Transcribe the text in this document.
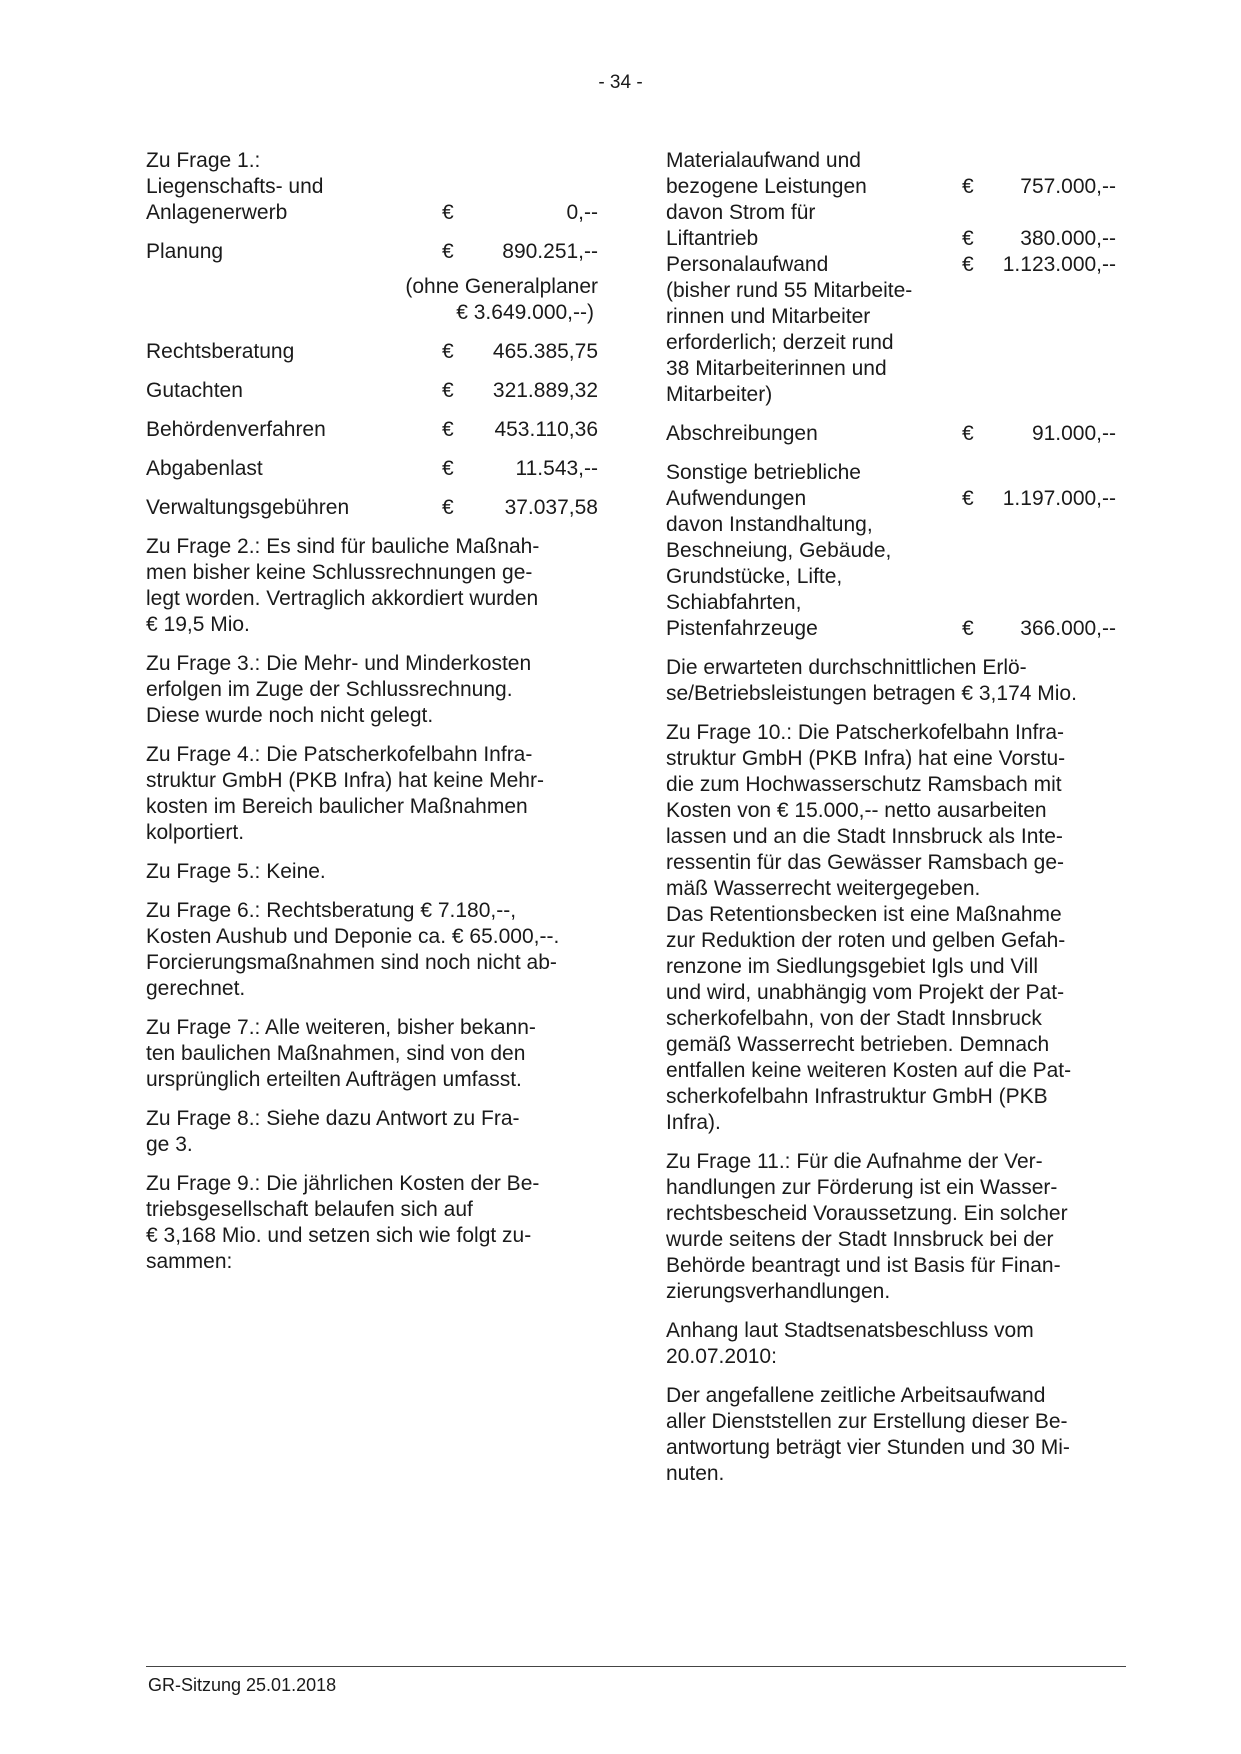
- 34 -

Zu Frage 1.:

Liegenschafts- und
Anlagenerwerb	€	0,--
Planung	€ 890.251,--
(ohne Generalplaner
€ 3.649.000,--)
Rechtsberatung	€ 465.385,75
Gutachten	€ 321.889,32
Behördenverfahren	€ 453.110,36
Abgabenlast	€	11.543,--
Verwaltungsgebühren	€ 37.037,58

Zu Frage 2.: Es sind für bauliche Maßnah-
men bisher keine Schlussrechnungen ge-
legt worden. Vertraglich akkordiert wurden
€ 19,5 Mio.

Zu Frage 3.: Die Mehr- und Minderkosten
erfolgen im Zuge der Schlussrechnung.
Diese wurde noch nicht gelegt.

Zu Frage 4.: Die Patscherkofelbahn Infra-
struktur GmbH (PKB Infra) hat keine Mehr-
kosten im Bereich baulicher Maßnahmen
kolportiert.

Zu Frage 5.: Keine.

Zu Frage 6.: Rechtsberatung € 7.180,--,
Kosten Aushub und Deponie ca. € 65.000,--.
Forcierungsmaßnahmen sind noch nicht ab-
gerechnet.

Zu Frage 7.: Alle weiteren, bisher bekann-
ten baulichen Maßnahmen, sind von den
ursprünglich erteilten Aufträgen umfasst.

Zu Frage 8.: Siehe dazu Antwort zu Fra-
ge 3.

Zu Frage 9.: Die jährlichen Kosten der Be-
triebsgesellschaft belaufen sich auf
€ 3,168 Mio. und setzen sich wie folgt zu-
sammen:

Materialaufwand und
bezogene Leistungen	€ 757.000,--
davon Strom für
Liftantrieb	€ 380.000,--
Personalaufwand	€ 1.123.000,--

(bisher rund 55 Mitarbeite-
rinnen und Mitarbeiter
erforderlich; derzeit rund
38 Mitarbeiterinnen und
Mitarbeiter)

Abschreibungen	€	91.000,--
Sonstige betriebliche
Aufwendungen	€ 1.197.000,--
davon Instandhaltung,
Beschneiung, Gebäude,
Grundstücke, Lifte,
Schiabfahrten,
Pistenfahrzeuge	€ 366.000,--

Die erwarteten durchschnittlichen Erlö-
se/Betriebsleistungen betragen € 3,174 Mio.

Zu Frage 10.: Die Patscherkofelbahn Infra-
struktur GmbH (PKB Infra) hat eine Vorstu-
die zum Hochwasserschutz Ramsbach mit
Kosten von € 15.000,-- netto ausarbeiten
lassen und an die Stadt Innsbruck als Inte-
ressentin für das Gewässer Ramsbach ge-
mäß Wasserrecht weitergegeben.
Das Retentionsbecken ist eine Maßnahme
zur Reduktion der roten und gelben Gefah-
renzone im Siedlungsgebiet Igls und Vill
und wird, unabhängig vom Projekt der Pat-
scherkofelbahn, von der Stadt Innsbruck
gemäß Wasserrecht betrieben. Demnach
entfallen keine weiteren Kosten auf die Pat-
scherkofelbahn Infrastruktur GmbH (PKB
Infra).

Zu Frage 11.: Für die Aufnahme der Ver-
handlungen zur Förderung ist ein Wasser-
rechtsbescheid Voraussetzung. Ein solcher
wurde seitens der Stadt Innsbruck bei der
Behörde beantragt und ist Basis für Finan-
zierungsverhandlungen.

Anhang laut Stadtsenatsbeschluss vom
20.07.2010:

Der angefallene zeitliche Arbeitsaufwand
aller Dienststellen zur Erstellung dieser Be-
antwortung beträgt vier Stunden und 30 Mi-
nuten.

GR-Sitzung 25.01.2018
